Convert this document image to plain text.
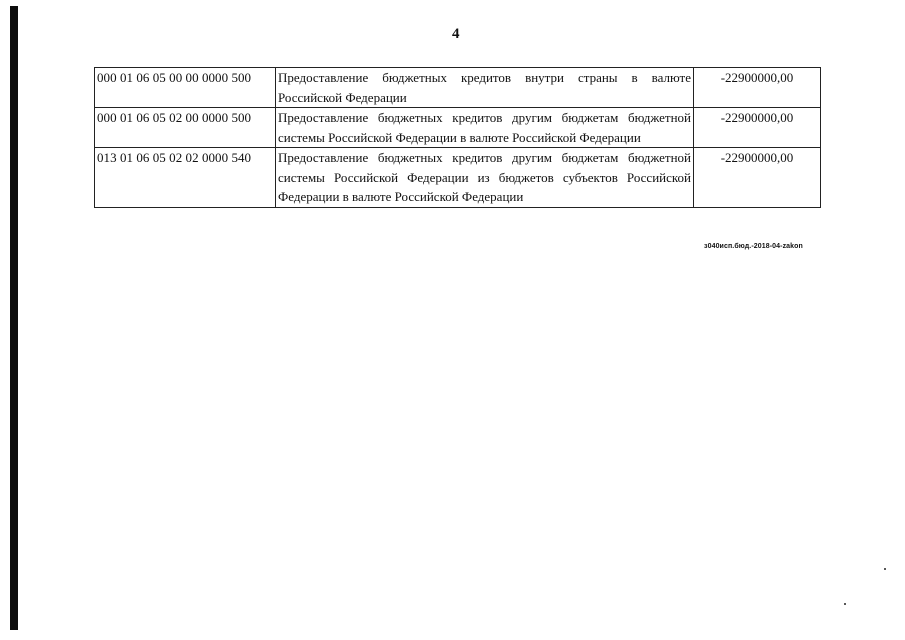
4
000 01 06 05 00 00 0000 500	Предоставление бюджетных кредитов внутри страны в валюте Российской Федерации	-22900000,00
000 01 06 05 02 00 0000 500	Предоставление бюджетных кредитов другим бюджетам бюджетной системы Российской Федерации в валюте Российской Федерации	-22900000,00
013 01 06 05 02 02 0000 540	Предоставление бюджетных кредитов другим бюджетам бюджетной системы Российской Федерации из бюджетов субъектов Российской Федерации в валюте Российской Федерации	-22900000,00
з040исп.бюд.-2018-04-zakon
